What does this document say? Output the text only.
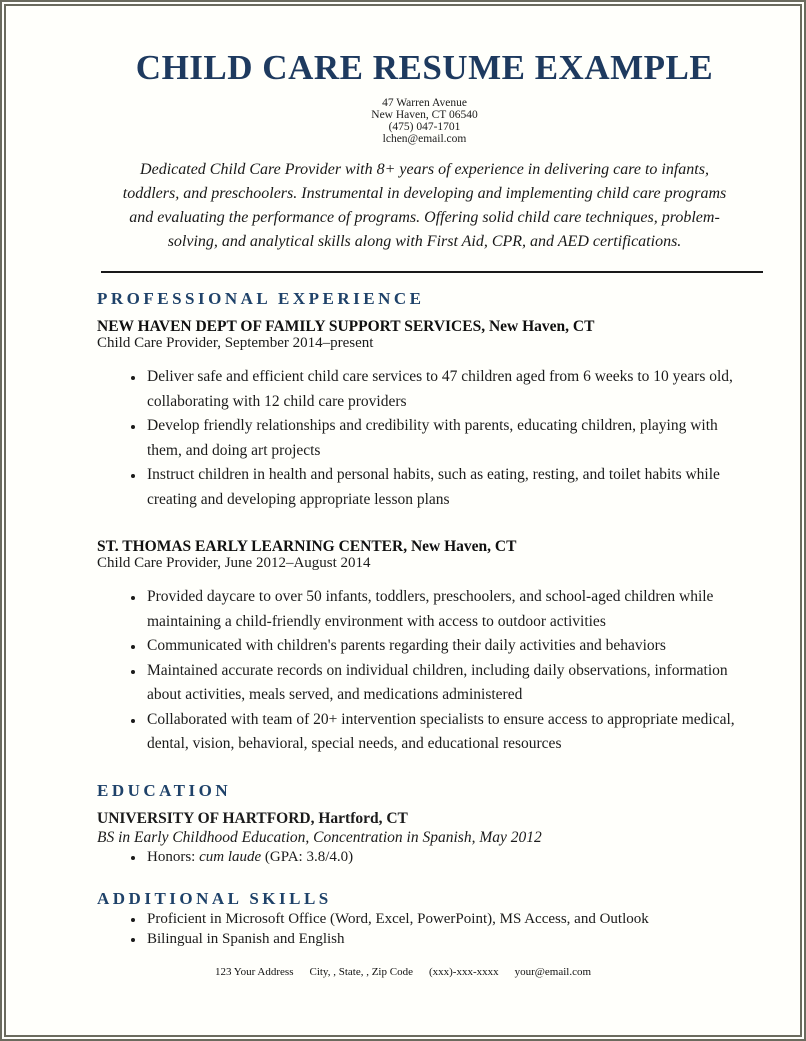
CHILD CARE RESUME EXAMPLE
47 Warren Avenue
New Haven, CT 06540
(475) 047-1701
lchen@email.com
Dedicated Child Care Provider with 8+ years of experience in delivering care to infants, toddlers, and preschoolers. Instrumental in developing and implementing child care programs and evaluating the performance of programs. Offering solid child care techniques, problem-solving, and analytical skills along with First Aid, CPR, and AED certifications.
PROFESSIONAL EXPERIENCE
NEW HAVEN DEPT OF FAMILY SUPPORT SERVICES, New Haven, CT
Child Care Provider, September 2014–present
• Deliver safe and efficient child care services to 47 children aged from 6 weeks to 10 years old, collaborating with 12 child care providers
• Develop friendly relationships and credibility with parents, educating children, playing with them, and doing art projects
• Instruct children in health and personal habits, such as eating, resting, and toilet habits while creating and developing appropriate lesson plans
ST. THOMAS EARLY LEARNING CENTER, New Haven, CT
Child Care Provider, June 2012–August 2014
• Provided daycare to over 50 infants, toddlers, preschoolers, and school-aged children while maintaining a child-friendly environment with access to outdoor activities
• Communicated with children's parents regarding their daily activities and behaviors
• Maintained accurate records on individual children, including daily observations, information about activities, meals served, and medications administered
• Collaborated with team of 20+ intervention specialists to ensure access to appropriate medical, dental, vision, behavioral, special needs, and educational resources
EDUCATION
UNIVERSITY OF HARTFORD, Hartford, CT
BS in Early Childhood Education, Concentration in Spanish, May 2012
• Honors: cum laude (GPA: 3.8/4.0)
ADDITIONAL SKILLS
• Proficient in Microsoft Office (Word, Excel, PowerPoint), MS Access, and Outlook
• Bilingual in Spanish and English
123 Your Address City, , State, , Zip Code (xxx)-xxx-xxxx your@email.com
